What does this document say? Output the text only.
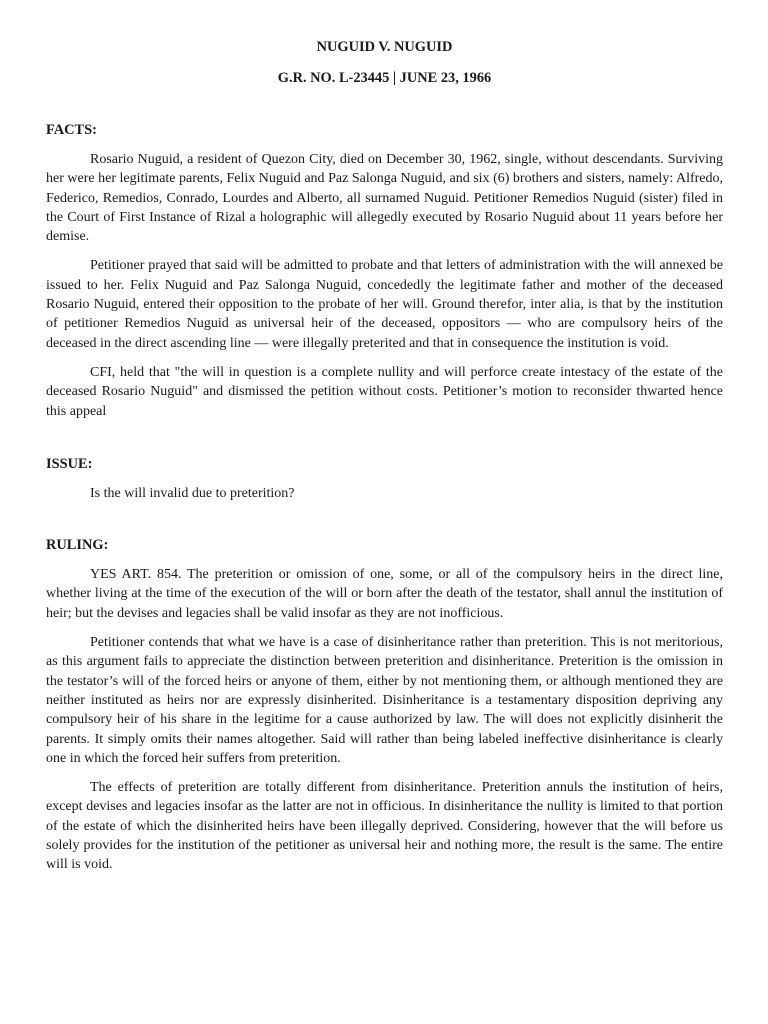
NUGUID V. NUGUID
G.R. NO. L-23445 | JUNE 23, 1966
FACTS:

Rosario Nuguid, a resident of Quezon City, died on December 30, 1962, single, without descendants. Surviving her were her legitimate parents, Felix Nuguid and Paz Salonga Nuguid, and six (6) brothers and sisters, namely: Alfredo, Federico, Remedios, Conrado, Lourdes and Alberto, all surnamed Nuguid. Petitioner Remedios Nuguid (sister) filed in the Court of First Instance of Rizal a holographic will allegedly executed by Rosario Nuguid about 11 years before her demise.

Petitioner prayed that said will be admitted to probate and that letters of administration with the will annexed be issued to her. Felix Nuguid and Paz Salonga Nuguid, concededly the legitimate father and mother of the deceased Rosario Nuguid, entered their opposition to the probate of her will. Ground therefor, inter alia, is that by the institution of petitioner Remedios Nuguid as universal heir of the deceased, oppositors — who are compulsory heirs of the deceased in the direct ascending line — were illegally preterited and that in consequence the institution is void.

CFI, held that "the will in question is a complete nullity and will perforce create intestacy of the estate of the deceased Rosario Nuguid" and dismissed the petition without costs. Petitioner’s motion to reconsider thwarted hence this appeal

ISSUE:

Is the will invalid due to preterition?

RULING:

YES ART. 854. The preterition or omission of one, some, or all of the compulsory heirs in the direct line, whether living at the time of the execution of the will or born after the death of the testator, shall annul the institution of heir; but the devises and legacies shall be valid insofar as they are not inofficious.

Petitioner contends that what we have is a case of disinheritance rather than preterition. This is not meritorious, as this argument fails to appreciate the distinction between preterition and disinheritance. Preterition is the omission in the testator’s will of the forced heirs or anyone of them, either by not mentioning them, or although mentioned they are neither instituted as heirs nor are expressly disinherited. Disinheritance is a testamentary disposition depriving any compulsory heir of his share in the legitime for a cause authorized by law. The will does not explicitly disinherit the parents. It simply omits their names altogether. Said will rather than being labeled ineffective disinheritance is clearly one in which the forced heir suffers from preterition.

The effects of preterition are totally different from disinheritance. Preterition annuls the institution of heirs, except devises and legacies insofar as the latter are not in officious. In disinheritance the nullity is limited to that portion of the estate of which the disinherited heirs have been illegally deprived. Considering, however that the will before us solely provides for the institution of the petitioner as universal heir and nothing more, the result is the same. The entire will is void.
